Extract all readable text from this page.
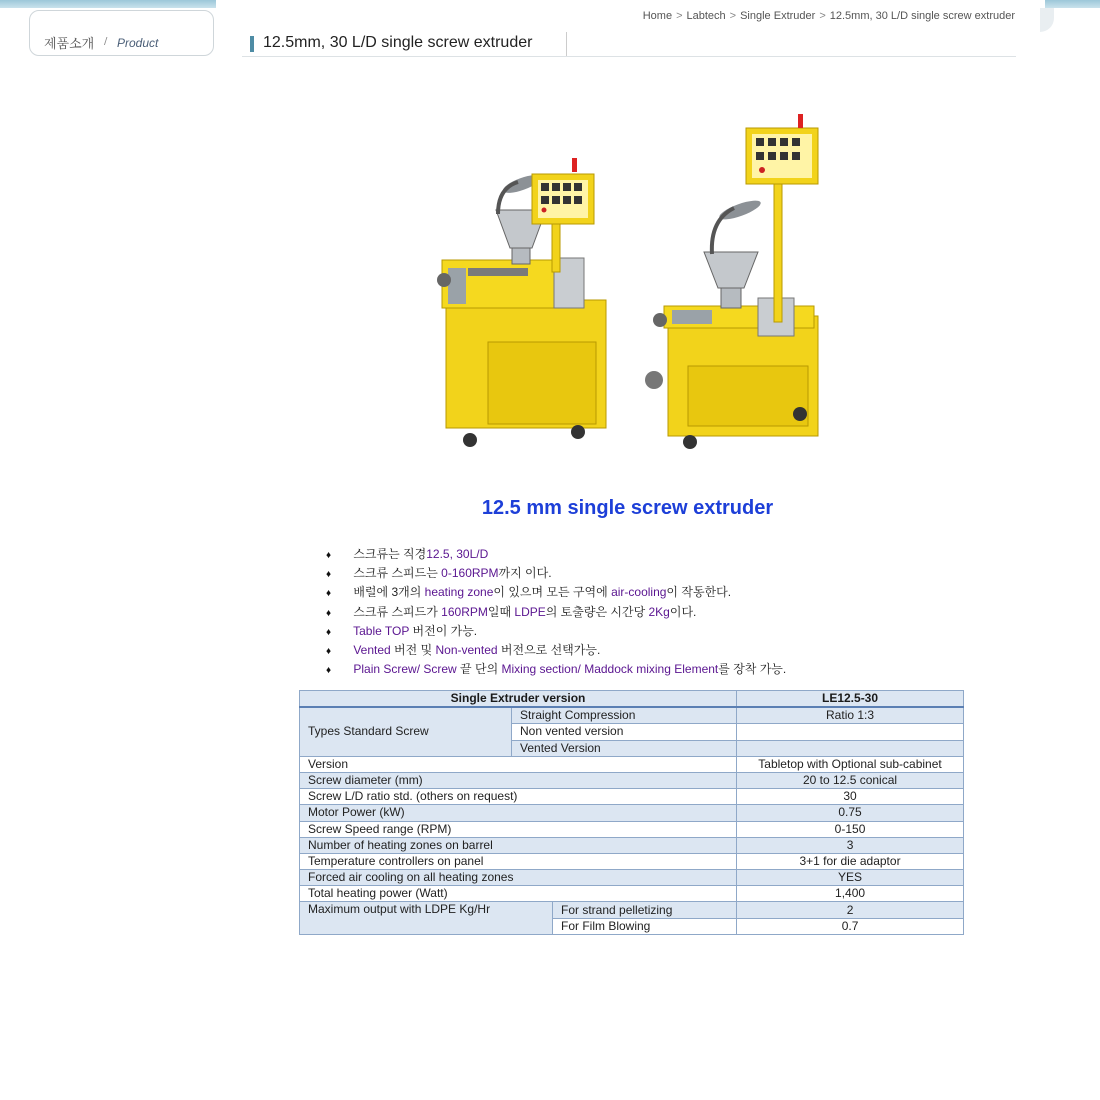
제품소개 / Product
Home > Labtech > Single Extruder > 12.5mm, 30 L/D single screw extruder
12.5mm, 30 L/D single screw extruder
12.5 mm single screw extruder
♦ 스크류는 직경12.5, 30L/D
♦ 스크류 스피드는 0-160RPM까지 이다.
♦ 배럴에 3개의 heating zone이 있으며 모든 구역에 air-cooling이 작동한다.
♦ 스크류 스피드가 160RPM일때 LDPE의 토출량은 시간당 2Kg이다.
♦ Table TOP 버전이 가능.
♦ Vented 버전 및 Non-vented 버전으로 선택가능.
♦ Plain Screw/ Screw 끝 단의 Mixing section/ Maddock mixing Element를 장착 가능.
Single Extruder version			LE12.5-30
Types Standard Screw	Straight Compression		Ratio 1:3
	Non vented version		
	Vented Version		
Version			Tabletop with Optional sub-cabinet
Screw diameter (mm)			20 to 12.5 conical
Screw L/D ratio std. (others on request)			30
Motor Power (kW)			0.75
Screw Speed range (RPM)			0-150
Number of heating zones on barrel			3
Temperature controllers on panel			3+1 for die adaptor
Forced air cooling on all heating zones			YES
Total heating power (Watt)			1,400
Maximum output with LDPE Kg/Hr		For strand pelletizing	2
		For Film Blowing	0.7
